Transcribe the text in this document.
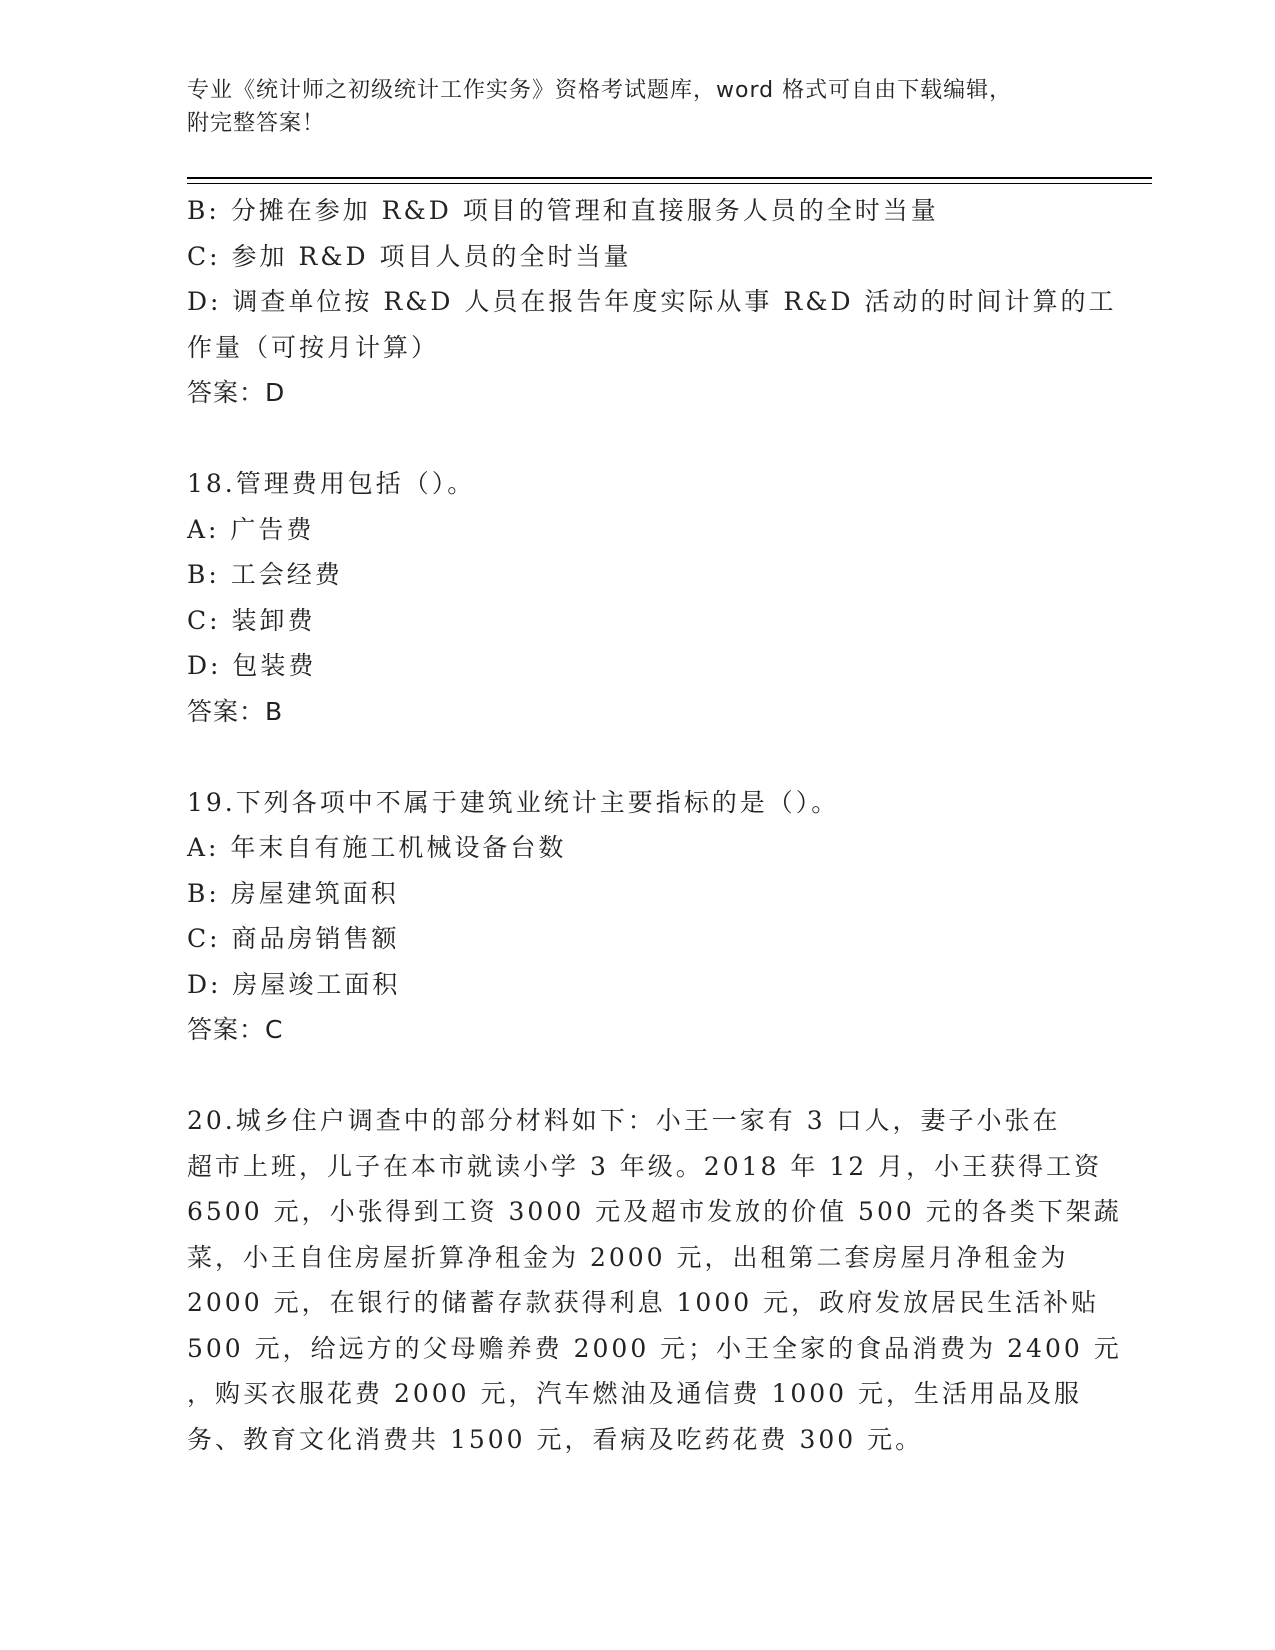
专业《统计师之初级统计工作实务》资格考试题库，word 格式可自由下载编辑，
附完整答案！
B: 分摊在参加 R&D 项目的管理和直接服务人员的全时当量
C: 参加 R&D 项目人员的全时当量
D: 调查单位按 R&D 人员在报告年度实际从事 R&D 活动的时间计算的工
作量（可按月计算）
答案：D
18.管理费用包括（）。
A: 广告费
B: 工会经费
C: 装卸费
D: 包装费
答案：B
19.下列各项中不属于建筑业统计主要指标的是（）。
A: 年末自有施工机械设备台数
B: 房屋建筑面积
C: 商品房销售额
D: 房屋竣工面积
答案：C
20.城乡住户调查中的部分材料如下：小王一家有 3 口人，妻子小张在
超市上班，儿子在本市就读小学 3 年级。2018 年 12 月，小王获得工资
6500 元，小张得到工资 3000 元及超市发放的价值 500 元的各类下架蔬
菜，小王自住房屋折算净租金为 2000 元，出租第二套房屋月净租金为
2000 元，在银行的储蓄存款获得利息 1000 元，政府发放居民生活补贴
500 元，给远方的父母赡养费 2000 元；小王全家的食品消费为 2400 元
，购买衣服花费 2000 元，汽车燃油及通信费 1000 元，生活用品及服
务、教育文化消费共 1500 元，看病及吃药花费 300 元。
